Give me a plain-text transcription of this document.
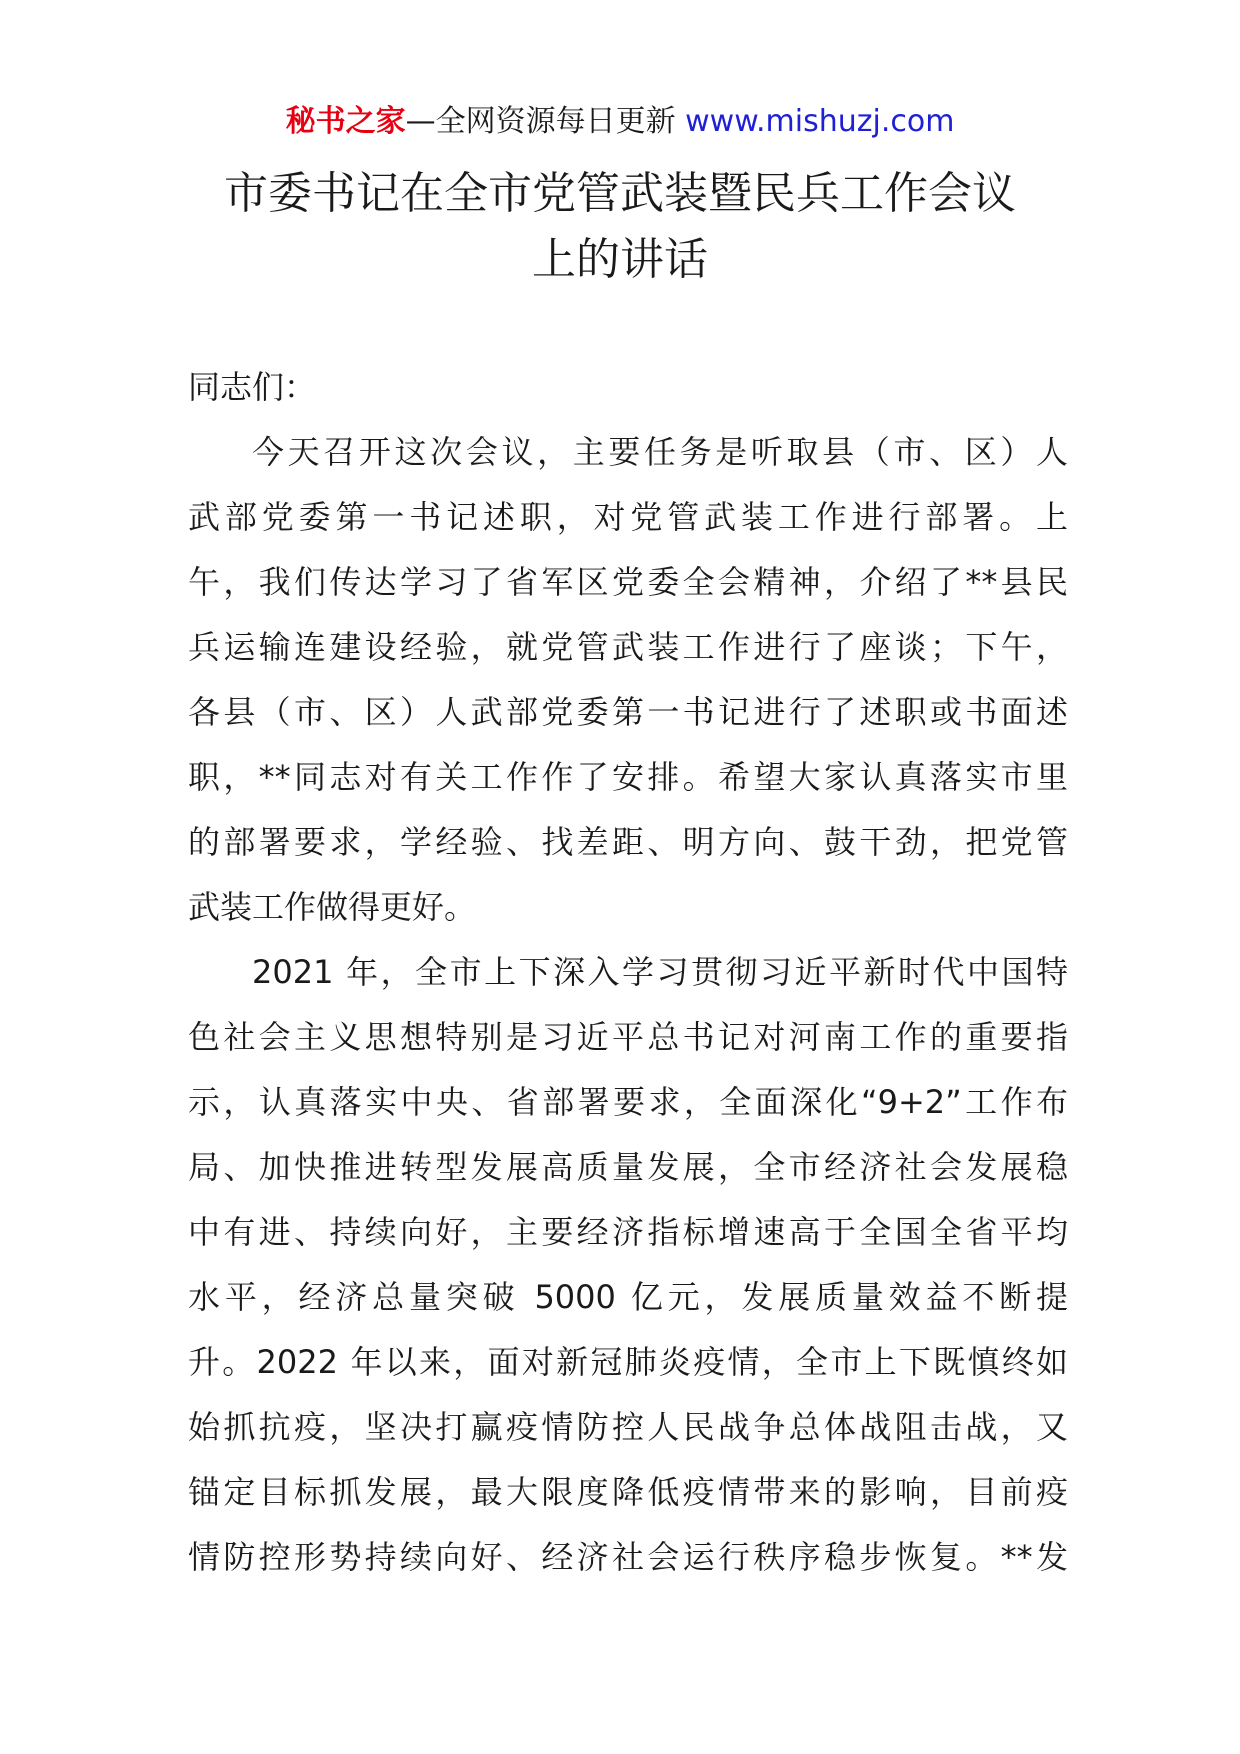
秘书之家—全网资源每日更新 www.mishuzj.com
市委书记在全市党管武装暨民兵工作会议
上的讲话
同志们：
今天召开这次会议，主要任务是听取县（市、区）人
武部党委第一书记述职，对党管武装工作进行部署。上
午，我们传达学习了省军区党委全会精神，介绍了**县民
兵运输连建设经验，就党管武装工作进行了座谈；下午，
各县（市、区）人武部党委第一书记进行了述职或书面述
职，**同志对有关工作作了安排。希望大家认真落实市里
的部署要求，学经验、找差距、明方向、鼓干劲，把党管
武装工作做得更好。
2021 年，全市上下深入学习贯彻习近平新时代中国特
色社会主义思想特别是习近平总书记对河南工作的重要指
示，认真落实中央、省部署要求，全面深化“9+2”工作布
局、加快推进转型发展高质量发展，全市经济社会发展稳
中有进、持续向好，主要经济指标增速高于全国全省平均
水平，经济总量突破 5000 亿元，发展质量效益不断提
升。2022 年以来，面对新冠肺炎疫情，全市上下既慎终如
始抓抗疫，坚决打赢疫情防控人民战争总体战阻击战，又
锚定目标抓发展，最大限度降低疫情带来的影响，目前疫
情防控形势持续向好、经济社会运行秩序稳步恢复。**发
